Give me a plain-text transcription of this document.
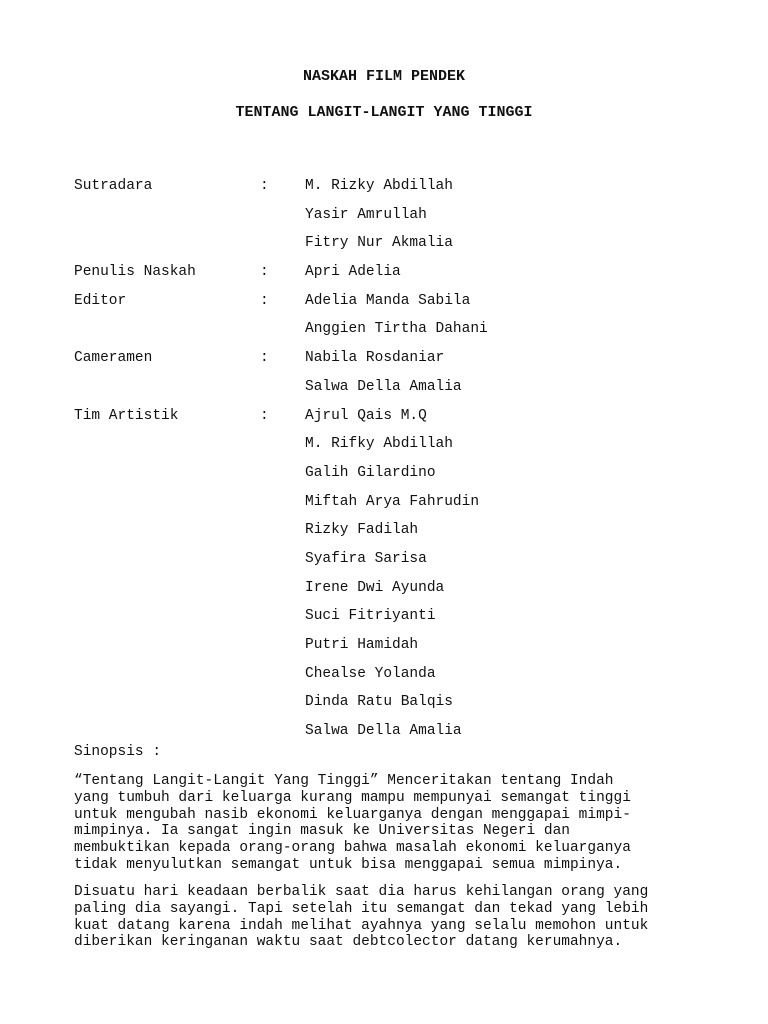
NASKAH FILM PENDEK
TENTANG LANGIT-LANGIT YANG TINGGI
Sutradara	:	M. Rizky Abdillah
Yasir Amrullah
Fitry Nur Akmalia
Penulis Naskah	:	Apri Adelia
Editor	:	Adelia Manda Sabila
Anggien Tirtha Dahani
Cameramen	:	Nabila Rosdaniar
Salwa Della Amalia
Tim Artistik	:	Ajrul Qais M.Q
M. Rifky Abdillah
Galih Gilardino
Miftah Arya Fahrudin
Rizky Fadilah
Syafira Sarisa
Irene Dwi Ayunda
Suci Fitriyanti
Putri Hamidah
Chealse Yolanda
Dinda Ratu Balqis
Salwa Della Amalia

Sinopsis :

“Tentang Langit-Langit Yang Tinggi” Menceritakan tentang Indah
yang tumbuh dari keluarga kurang mampu mempunyai semangat tinggi
untuk mengubah nasib ekonomi keluarganya dengan menggapai mimpi-
mimpinya. Ia sangat ingin masuk ke Universitas Negeri dan
membuktikan kepada orang-orang bahwa masalah ekonomi keluarganya
tidak menyulutkan semangat untuk bisa menggapai semua mimpinya.

Disuatu hari keadaan berbalik saat dia harus kehilangan orang yang
paling dia sayangi. Tapi setelah itu semangat dan tekad yang lebih
kuat datang karena indah melihat ayahnya yang selalu memohon untuk
diberikan keringanan waktu saat debtcolector datang kerumahnya.
